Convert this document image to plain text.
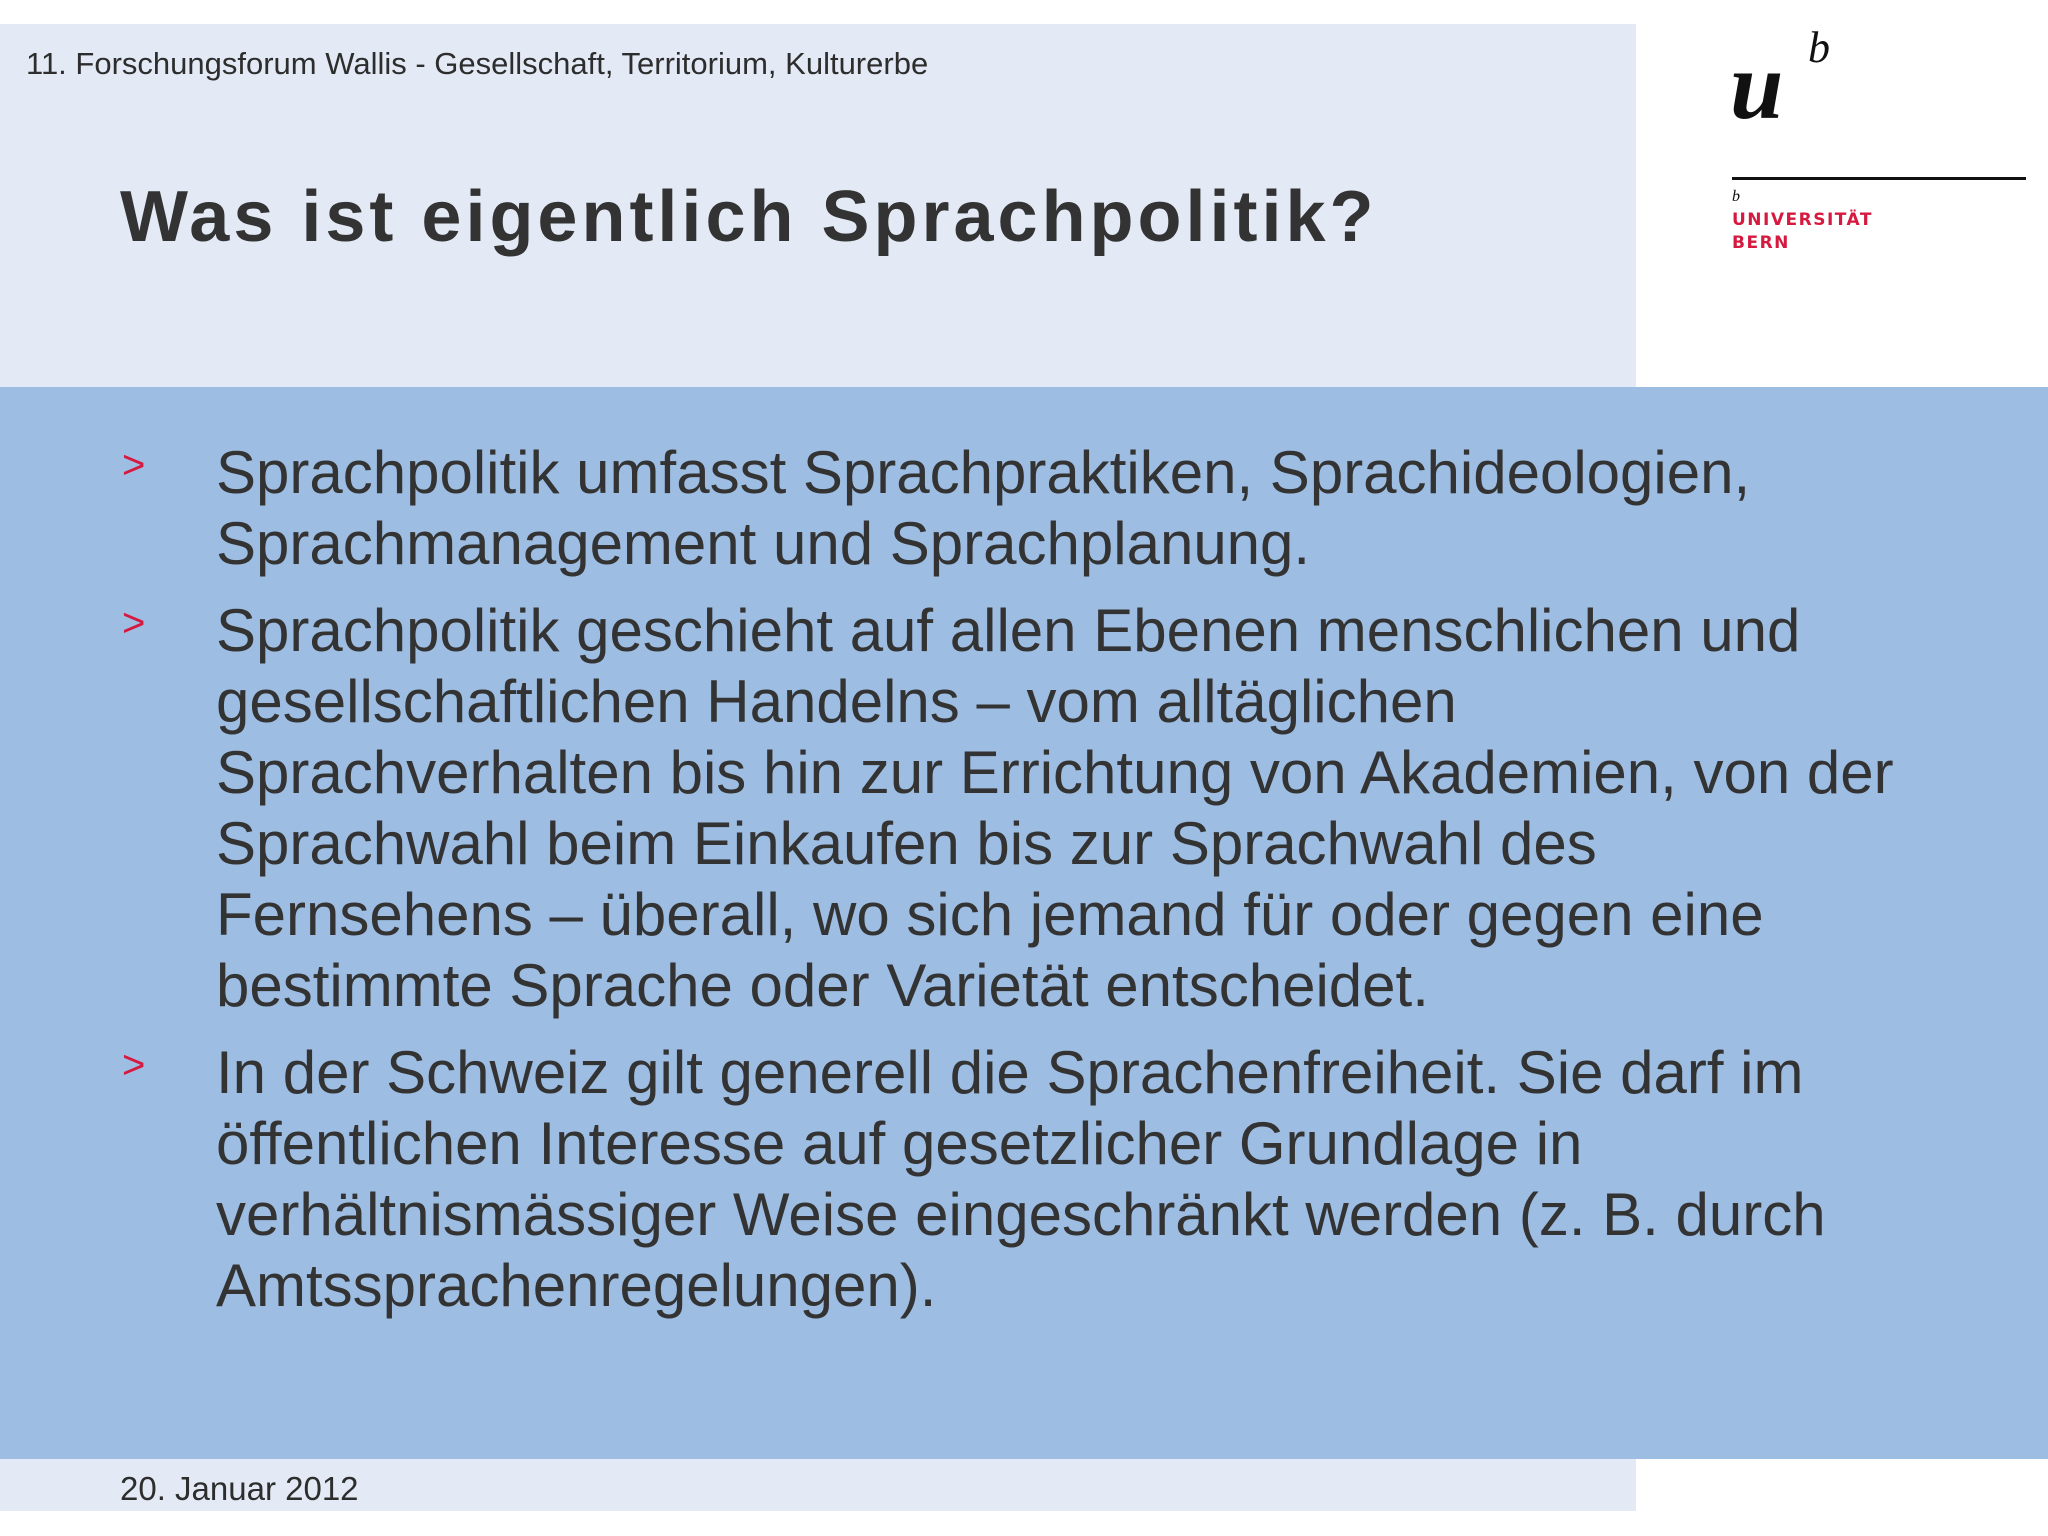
11. Forschungsforum Wallis - Gesellschaft, Territorium, Kulturerbe
Was ist eigentlich Sprachpolitik?
u b
b
UNIVERSITÄT
BERN
> Sprachpolitik umfasst Sprachpraktiken, Sprachideologien, Sprachmanagement und Sprachplanung.
> Sprachpolitik geschieht auf allen Ebenen menschlichen und gesellschaftlichen Handelns – vom alltäglichen Sprachverhalten bis hin zur Errichtung von Akademien, von der Sprachwahl beim Einkaufen bis zur Sprachwahl des Fernsehens – überall, wo sich jemand für oder gegen eine bestimmte Sprache oder Varietät entscheidet.
> In der Schweiz gilt generell die Sprachenfreiheit. Sie darf im öffentlichen Interesse auf gesetzlicher Grundlage in verhältnismässiger Weise eingeschränkt werden (z. B. durch Amtssprachenregelungen).
20. Januar 2012
